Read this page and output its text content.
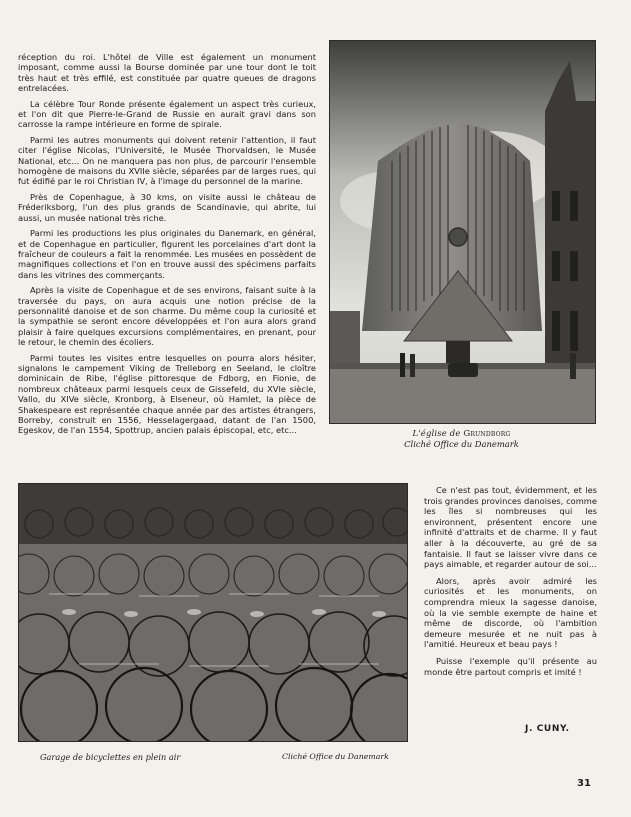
réception du roi. L'hôtel de Ville est également un monument imposant, comme aussi la Bourse dominée par une tour dont le toit très haut et très effilé, est constituée par quatre queues de dragons entrelacées.

La célèbre Tour Ronde présente également un aspect très curieux, et l'on dit que Pierre-le-Grand de Russie en aurait gravi dans son carrosse la rampe intérieure en forme de spirale.

Parmi les autres monuments qui doivent retenir l'attention, il faut citer l'église Nicolas, l'Université, le Musée Thorvaldsen, le Musée National, etc... On ne manquera pas non plus, de parcourir l'ensemble homogène de maisons du XVIIe siècle, séparées par de larges rues, qui fut édifié par le roi Christian IV, à l'image du personnel de la marine.

Près de Copenhague, à 30 kms, on visite aussi le château de Fréderiksborg, l'un des plus grands de Scandinavie, qui abrite, lui aussi, un musée national très riche.

Parmi les productions les plus originales du Danemark, en général, et de Copenhague en particulier, figurent les porcelaines d'art dont la fraîcheur de couleurs a fait la renommée. Les musées en possèdent de magnifiques collections et l'on en trouve aussi des spécimens parfaits dans les vitrines des commerçants.

Après la visite de Copenhague et de ses environs, faisant suite à la traversée du pays, on aura acquis une notion précise de la personnalité danoise et de son charme. Du même coup la curiosité et la sympathie se seront encore développées et l'on aura alors grand plaisir à faire quelques excursions complémentaires, en prenant, pour le retour, le chemin des écoliers.

Parmi toutes les visites entre lesquelles on pourra alors hésiter, signalons le campement Viking de Trelleborg en Seeland, le cloître dominicain de Ribe, l'église pittoresque de Fdborg, en Fionie, de nombreux châteaux parmi lesquels ceux de Gissefeld, du XVIe siècle, Vallo, du XIVe siècle, Kronborg, à Elseneur, où Hamlet, la pièce de Shakespeare est représentée chaque année par des artistes étrangers, Borreby, construit en 1556, Hesselagergaad, datant de l'an 1500, Egeskov, de l'an 1554, Spottrup, ancien palais épiscopal, etc, etc...	L'église de Grundborg
Cliché Office du Danemark
Garage de bicyclettes en plein air	Cliché Office du Danemark

Ce n'est pas tout, évidemment, et les trois grandes provinces danoises, comme les îles si nombreuses qui les environnent, présentent encore une infinité d'attraits et de charme. Il y faut aller à la découverte, au gré de sa fantaisie. Il faut se laisser vivre dans ce pays aimable, et regarder autour de soi...

Alors, après avoir admiré les curiosités et les monuments, on comprendra mieux la sagesse danoise, où la vie semble exempte de haine et même de discorde, où l'ambition demeure mesurée et ne nuit pas à l'amitié. Heureux et beau pays !

Puisse l'exemple qu'il présente au monde être partout compris et imité !

J. CUNY.
31
